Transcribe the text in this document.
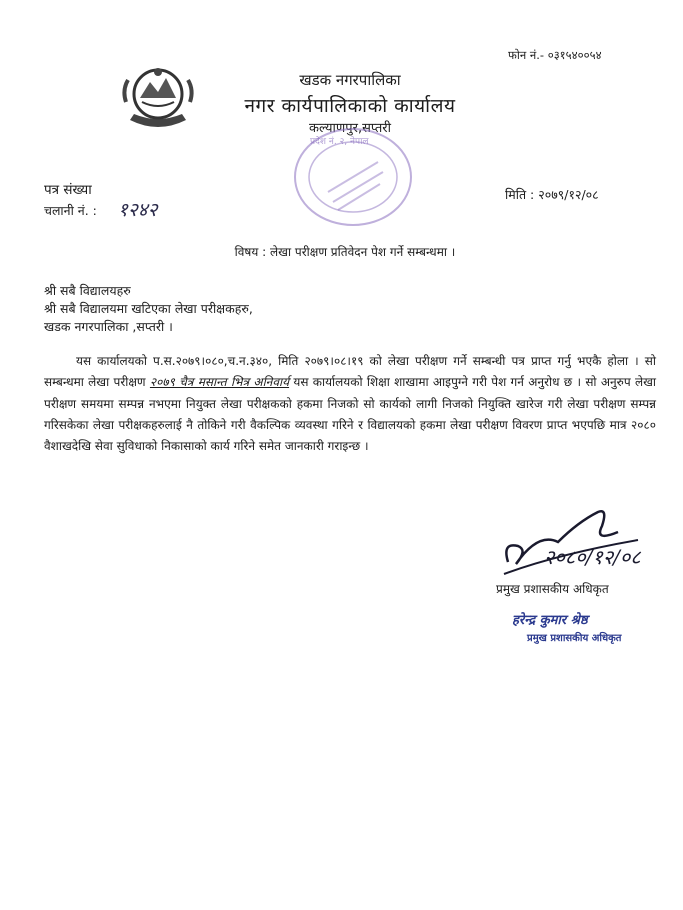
फोन नं.- ०३१५४००५४
खडक नगरपालिका
नगर कार्यपालिकाको कार्यालय
कल्याणपुर,सप्तरी
प्रदेश नं. २, नेपाल
पत्र संख्या
चलानी नं. : १२४२
मिति : २०७९/१२/०८
विषय : लेखा परीक्षण प्रतिवेदन पेश गर्ने सम्बन्धमा ।
श्री सबै विद्यालयहरु
श्री सबै विद्यालयमा खटिएका लेखा परीक्षकहरु,
खडक नगरपालिका ,सप्तरी ।
यस कार्यालयको प.स.२०७९।०८०,च.न.३४०, मिति २०७९।०८।१९ को लेखा परीक्षण गर्ने सम्बन्धी पत्र प्राप्त गर्नु भएकै होला । सो सम्बन्धमा लेखा परीक्षण २०७९ चैत्र मसान्त भित्र अनिवार्य यस कार्यालयको शिक्षा शाखामा आइपुग्ने गरी पेश गर्न अनुरोध छ । सो अनुरुप लेखा परीक्षण समयमा सम्पन्न नभएमा नियुक्त लेखा परीक्षकको हकमा निजको सो कार्यको लागी निजको नियुक्ति खारेज गरी लेखा परीक्षण सम्पन्न गरिसकेका लेखा परीक्षकहरुलाई नै तोकिने गरी वैकल्पिक व्यवस्था गरिने र विद्यालयको हकमा लेखा परीक्षण विवरण प्राप्त भएपछि मात्र २०८० वैशाखदेखि सेवा सुविधाको निकासाको कार्य गरिने समेत जानकारी गराइन्छ ।
२०८०/१२/०८
प्रमुख प्रशासकीय अधिकृत
हरेन्द्र कुमार श्रेष्ठ
प्रमुख प्रशासकीय अधिकृत
